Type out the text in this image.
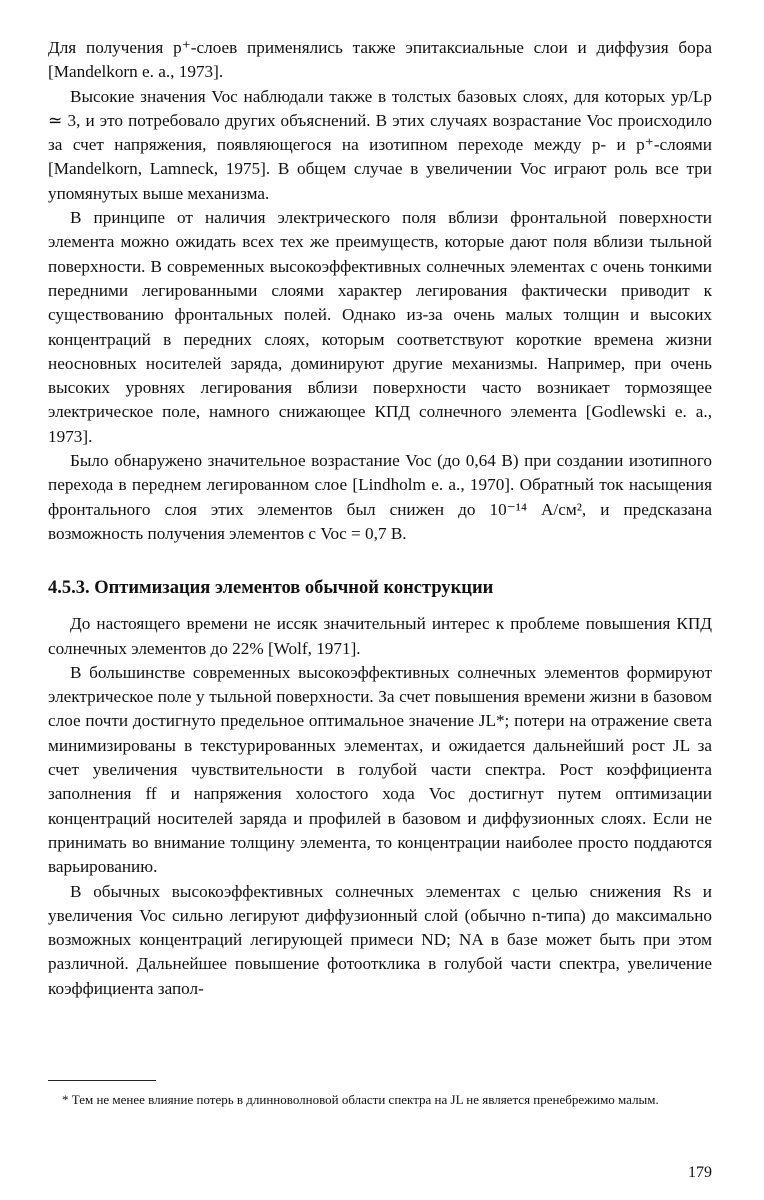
Для получения p⁺-слоев применялись также эпитаксиальные слои и диффузия бора [Mandelkorn e. a., 1973].

Высокие значения Voc наблюдали также в толстых базовых слоях, для которых yp/Lp ≃ 3, и это потребовало других объяснений. В этих случаях возрастание Voc происходило за счет напряжения, появляющегося на изотипном переходе между p- и p⁺-слоями [Mandelkorn, Lamneck, 1975]. В общем случае в увеличении Voc играют роль все три упомянутых выше механизма.

В принципе от наличия электрического поля вблизи фронтальной поверхности элемента можно ожидать всех тех же преимуществ, которые дают поля вблизи тыльной поверхности. В современных высокоэффективных солнечных элементах с очень тонкими передними легированными слоями характер легирования фактически приводит к существованию фронтальных полей. Однако из-за очень малых толщин и высоких концентраций в передних слоях, которым соответствуют короткие времена жизни неосновных носителей заряда, доминируют другие механизмы. Например, при очень высоких уровнях легирования вблизи поверхности часто возникает тормозящее электрическое поле, намного снижающее КПД солнечного элемента [Godlewski e. a., 1973].

Было обнаружено значительное возрастание Voc (до 0,64 В) при создании изотипного перехода в переднем легированном слое [Lindholm e. a., 1970]. Обратный ток насыщения фронтального слоя этих элементов был снижен до 10⁻¹⁴ А/см², и предсказана возможность получения элементов с Voc = 0,7 В.

4.5.3. Оптимизация элементов обычной конструкции

До настоящего времени не иссяк значительный интерес к проблеме повышения КПД солнечных элементов до 22% [Wolf, 1971].

В большинстве современных высокоэффективных солнечных элементов формируют электрическое поле у тыльной поверхности. За счет повышения времени жизни в базовом слое почти достигнуто предельное оптимальное значение JL*; потери на отражение света минимизированы в текстурированных элементах, и ожидается дальнейший рост JL за счет увеличения чувствительности в голубой части спектра. Рост коэффициента заполнения ff и напряжения холостого хода Voc достигнут путем оптимизации концентраций носителей заряда и профилей в базовом и диффузионных слоях. Если не принимать во внимание толщину элемента, то концентрации наиболее просто поддаются варьированию.

В обычных высокоэффективных солнечных элементах с целью снижения Rs и увеличения Voc сильно легируют диффузионный слой (обычно n-типа) до максимально возможных концентраций легирующей примеси ND; NA в базе может быть при этом различной. Дальнейшее повышение фотоотклика в голубой части спектра, увеличение коэффициента запол-

* Тем не менее влияние потерь в длинноволновой области спектра на JL не является пренебрежимо малым.
179
